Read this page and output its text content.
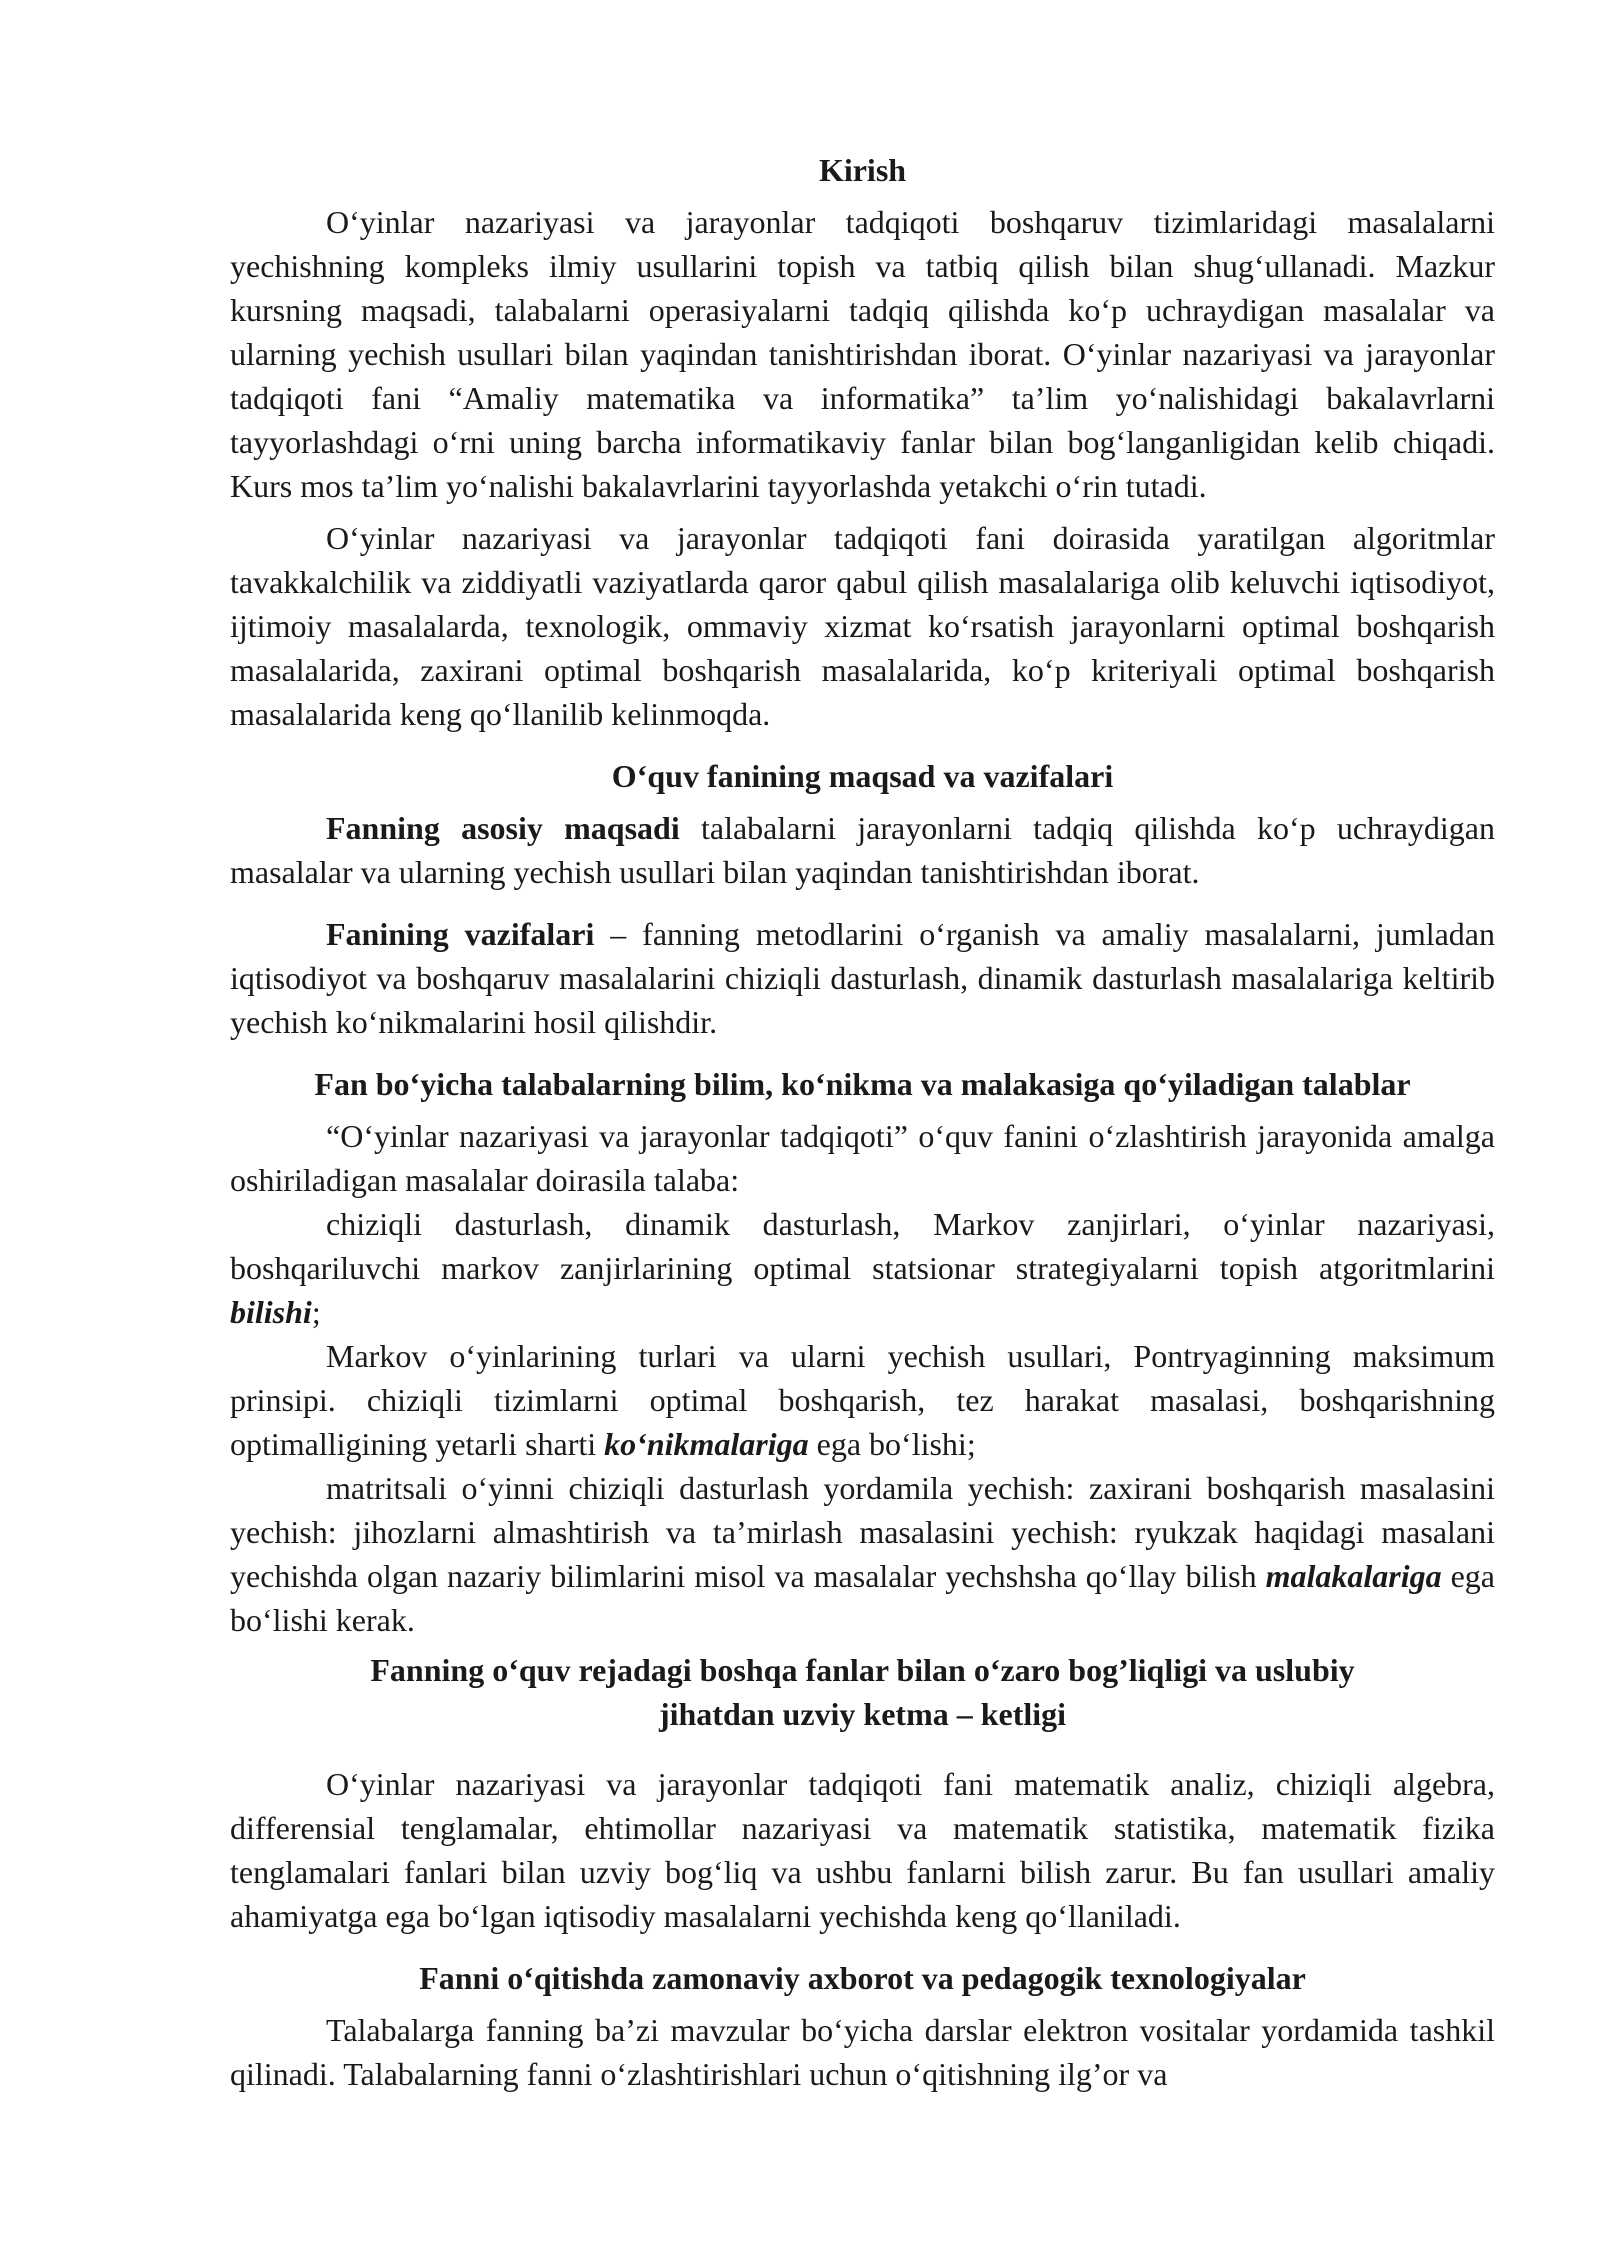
Kirish
O‘yinlar nazariyasi va jarayonlar tadqiqoti boshqaruv tizimlaridagi masalalarni yechishning kompleks ilmiy usullarini topish va tatbiq qilish bilan shug‘ullanadi. Mazkur kursning maqsadi, talabalarni operasiyalarni tadqiq qilishda ko‘p uchraydigan masalalar va ularning yechish usullari bilan yaqindan tanishtirishdan iborat. O‘yinlar nazariyasi va jarayonlar tadqiqoti fani “Amaliy matematika va informatika” ta’lim yo‘nalishidagi bakalavrlarni tayyorlashdagi o‘rni uning barcha informatikaviy fanlar bilan bog‘langanligidan kelib chiqadi. Kurs mos ta’lim yo‘nalishi bakalavrlarini tayyorlashda yetakchi o‘rin tutadi.
O‘yinlar nazariyasi va jarayonlar tadqiqoti fani doirasida yaratilgan algoritmlar tavakkalchilik va ziddiyatli vaziyatlarda qaror qabul qilish masalalariga olib keluvchi iqtisodiyot, ijtimoiy masalalarda, texnologik, ommaviy xizmat ko‘rsatish jarayonlarni optimal boshqarish masalalarida, zaxirani optimal boshqarish masalalarida, ko‘p kriteriyali optimal boshqarish masalalarida keng qo‘llanilib kelinmoqda.
O‘quv fanining maqsad va vazifalari
Fanning asosiy maqsadi talabalarni jarayonlarni tadqiq qilishda ko‘p uchraydigan masalalar va ularning yechish usullari bilan yaqindan tanishtirishdan iborat.
Fanining vazifalari – fanning metodlarini o‘rganish va amaliy masalalarni, jumladan iqtisodiyot va boshqaruv masalalarini chiziqli dasturlash, dinamik dasturlash masalalariga keltirib yechish ko‘nikmalarini hosil qilishdir.
Fan bo‘yicha talabalarning bilim, ko‘nikma va malakasiga qo‘yiladigan talablar
“O‘yinlar nazariyasi va jarayonlar tadqiqoti” o‘quv fanini o‘zlashtirish jarayonida amalga oshiriladigan masalalar doirasila talaba:
chiziqli dasturlash, dinamik dasturlash, Markov zanjirlari, o‘yinlar nazariyasi, boshqariluvchi markov zanjirlarining optimal statsionar strategiyalarni topish atgoritmlarini bilishi;
Markov o‘yinlarining turlari va ularni yechish usullari, Pontryaginning maksimum prinsipi. chiziqli tizimlarni optimal boshqarish, tez harakat masalasi, boshqarishning optimalligining yetarli sharti ko‘nikmalariga ega bo‘lishi;
matritsali o‘yinni chiziqli dasturlash yordamila yechish: zaxirani boshqarish masalasini yechish: jihozlarni almashtirish va ta’mirlash masalasini yechish: ryukzak haqidagi masalani yechishda olgan nazariy bilimlarini misol va masalalar yechshsha qo‘llay bilish malakalariga ega bo‘lishi kerak.
Fanning o‘quv rejadagi boshqa fanlar bilan o‘zaro bog’liqligi va uslubiy
jihatdan uzviy ketma – ketligi
O‘yinlar nazariyasi va jarayonlar tadqiqoti fani matematik analiz, chiziqli algebra, differensial tenglamalar, ehtimollar nazariyasi va matematik statistika, matematik fizika tenglamalari fanlari bilan uzviy bog‘liq va ushbu fanlarni bilish zarur. Bu fan usullari amaliy ahamiyatga ega bo‘lgan iqtisodiy masalalarni yechishda keng qo‘llaniladi.
Fanni o‘qitishda zamonaviy axborot va pedagogik texnologiyalar
Talabalarga fanning ba’zi mavzular bo‘yicha darslar elektron vositalar yordamida tashkil qilinadi. Talabalarning fanni o‘zlashtirishlari uchun o‘qitishning ilg’or va
